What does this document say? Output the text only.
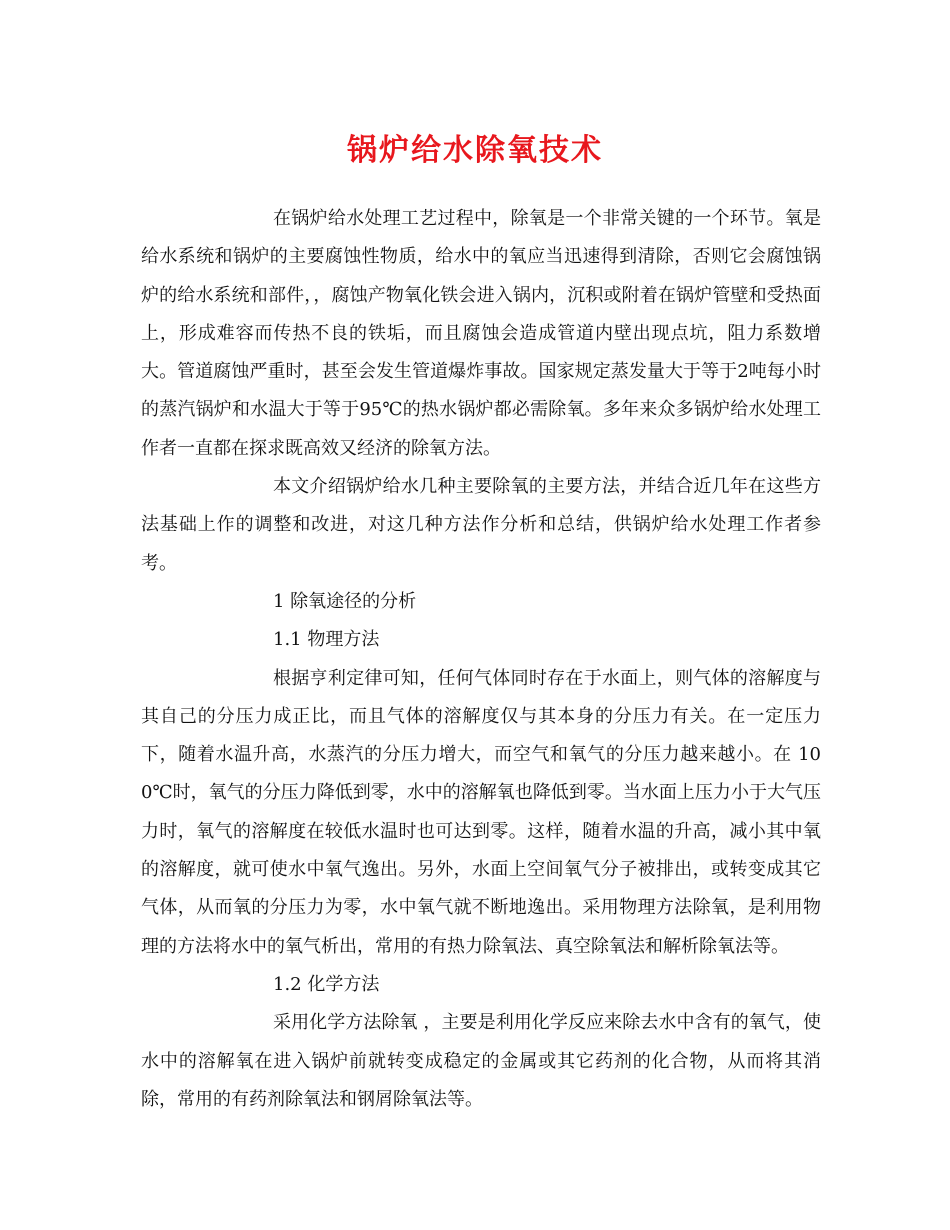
锅炉给水除氧技术

在锅炉给水处理工艺过程中，除氧是一个非常关键的一个环节。氧是给水系统和锅炉的主要腐蚀性物质，给水中的氧应当迅速得到清除，否则它会腐蚀锅炉的给水系统和部件，，腐蚀产物氧化铁会进入锅内，沉积或附着在锅炉管壁和受热面上，形成难容而传热不良的铁垢，而且腐蚀会造成管道内壁出现点坑，阻力系数增大。管道腐蚀严重时，甚至会发生管道爆炸事故。国家规定蒸发量大于等于2吨每小时的蒸汽锅炉和水温大于等于95℃的热水锅炉都必需除氧。多年来众多锅炉给水处理工作者一直都在探求既高效又经济的除氧方法。

本文介绍锅炉给水几种主要除氧的主要方法，并结合近几年在这些方法基础上作的调整和改进，对这几种方法作分析和总结，供锅炉给水处理工作者参考。

1 除氧途径的分析

1.1 物理方法

根据亨利定律可知，任何气体同时存在于水面上，则气体的溶解度与其自己的分压力成正比，而且气体的溶解度仅与其本身的分压力有关。在一定压力下，随着水温升高，水蒸汽的分压力增大，而空气和氧气的分压力越来越小。在 100℃时，氧气的分压力降低到零，水中的溶解氧也降低到零。当水面上压力小于大气压力时，氧气的溶解度在较低水温时也可达到零。这样，随着水温的升高，减小其中氧的溶解度，就可使水中氧气逸出。另外，水面上空间氧气分子被排出，或转变成其它气体，从而氧的分压力为零，水中氧气就不断地逸出。采用物理方法除氧，是利用物理的方法将水中的氧气析出，常用的有热力除氧法、真空除氧法和解析除氧法等。

1.2 化学方法

采用化学方法除氧 ，主要是利用化学反应来除去水中含有的氧气，使水中的溶解氧在进入锅炉前就转变成稳定的金属或其它药剂的化合物，从而将其消除，常用的有药剂除氧法和钢屑除氧法等。
